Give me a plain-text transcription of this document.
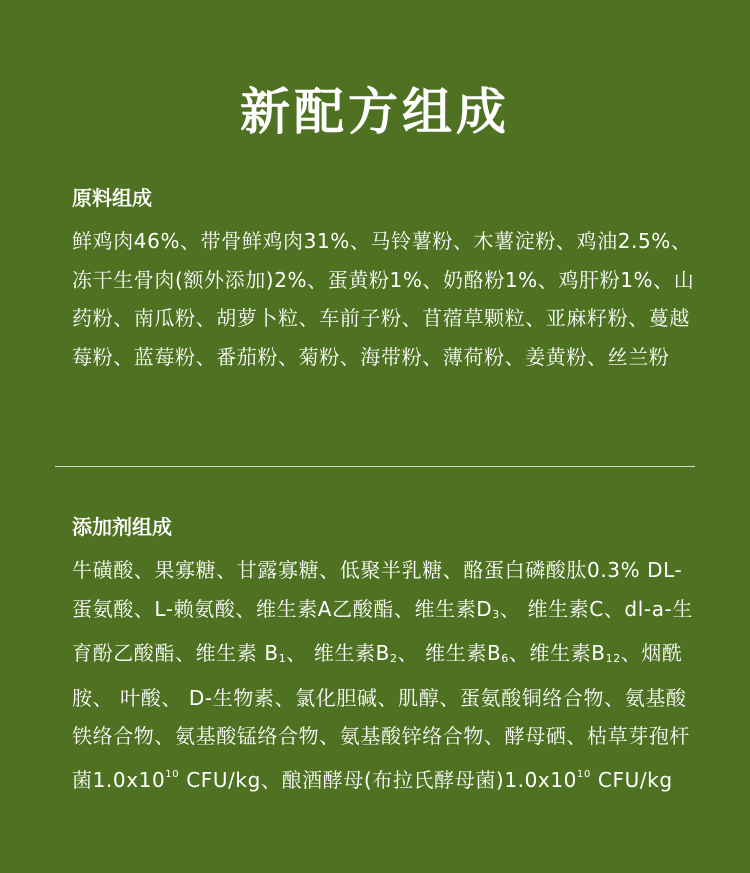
新配方组成
原料组成

鲜鸡肉46%、带骨鲜鸡肉31%、马铃薯粉、木薯淀粉、鸡油2.5%、冻干生骨肉(额外添加)2%、蛋黄粉1%、奶酪粉1%、鸡肝粉1%、山药粉、南瓜粉、胡萝卜粒、车前子粉、苜蓿草颗粒、亚麻籽粉、蔓越莓粉、蓝莓粉、番茄粉、菊粉、海带粉、薄荷粉、姜黄粉、丝兰粉

添加剂组成

牛磺酸、果寡糖、甘露寡糖、低聚半乳糖、酪蛋白磷酸肽0.3% DL-蛋氨酸、L-赖氨酸、维生素A乙酸酯、维生素$D_3$、 维生素C、dl-a-生育酚乙酸酯、维生素 $B_1$、 维生素$B_2$、 维生素$B_6$、维生素$B_{12}$、烟酰胺、 叶酸、 D-生物素、氯化胆碱、肌醇、蛋氨酸铜络合物、氨基酸铁络合物、氨基酸锰络合物、氨基酸锌络合物、酵母硒、枯草芽孢杆菌$1.0x10^{10}$ CFU/kg、酿酒酵母(布拉氏酵母菌)$1.0x10^{10}$ CFU/kg
